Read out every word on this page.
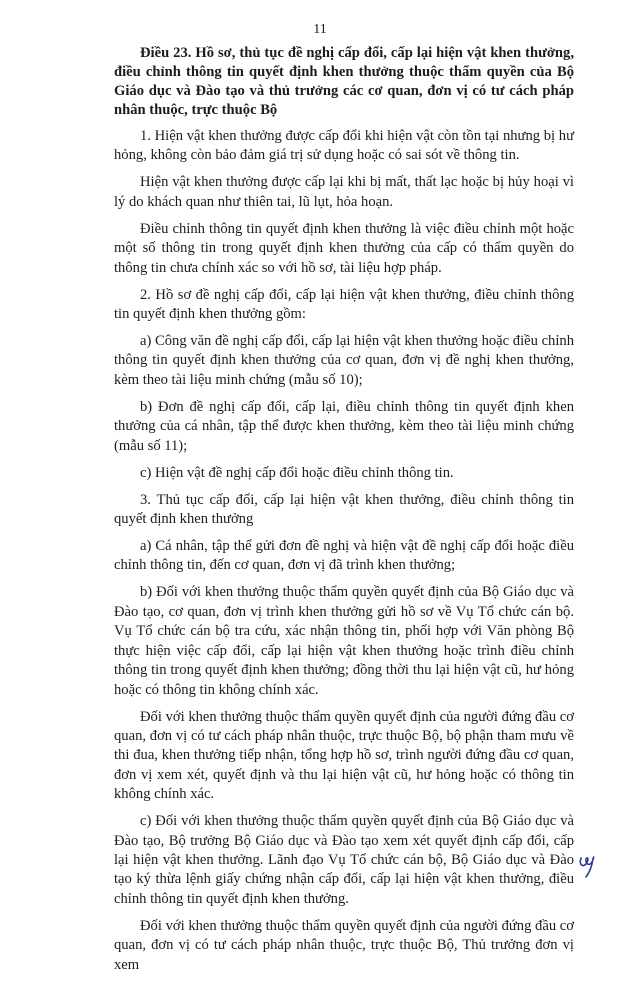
11

Điều 23. Hồ sơ, thủ tục đề nghị cấp đổi, cấp lại hiện vật khen thưởng, điều chỉnh thông tin quyết định khen thưởng thuộc thẩm quyền của Bộ Giáo dục và Đào tạo và thủ trưởng các cơ quan, đơn vị có tư cách pháp nhân thuộc, trực thuộc Bộ

1. Hiện vật khen thưởng được cấp đổi khi hiện vật còn tồn tại nhưng bị hư hỏng, không còn bảo đảm giá trị sử dụng hoặc có sai sót về thông tin.

Hiện vật khen thưởng được cấp lại khi bị mất, thất lạc hoặc bị hủy hoại vì lý do khách quan như thiên tai, lũ lụt, hỏa hoạn.

Điều chỉnh thông tin quyết định khen thưởng là việc điều chỉnh một hoặc một số thông tin trong quyết định khen thưởng của cấp có thẩm quyền do thông tin chưa chính xác so với hồ sơ, tài liệu hợp pháp.

2. Hồ sơ đề nghị cấp đổi, cấp lại hiện vật khen thưởng, điều chỉnh thông tin quyết định khen thưởng gồm:

a) Công văn đề nghị cấp đổi, cấp lại hiện vật khen thưởng hoặc điều chỉnh thông tin quyết định khen thưởng của cơ quan, đơn vị đề nghị khen thưởng, kèm theo tài liệu minh chứng (mẫu số 10);

b) Đơn đề nghị cấp đổi, cấp lại, điều chỉnh thông tin quyết định khen thưởng của cá nhân, tập thể được khen thưởng, kèm theo tài liệu minh chứng (mẫu số 11);

c) Hiện vật đề nghị cấp đổi hoặc điều chỉnh thông tin.

3. Thủ tục cấp đổi, cấp lại hiện vật khen thưởng, điều chỉnh thông tin quyết định khen thưởng

a) Cá nhân, tập thể gửi đơn đề nghị và hiện vật đề nghị cấp đổi hoặc điều chỉnh thông tin, đến cơ quan, đơn vị đã trình khen thưởng;

b) Đối với khen thưởng thuộc thẩm quyền quyết định của Bộ Giáo dục và Đào tạo, cơ quan, đơn vị trình khen thưởng gửi hồ sơ về Vụ Tổ chức cán bộ. Vụ Tổ chức cán bộ tra cứu, xác nhận thông tin, phối hợp với Văn phòng Bộ thực hiện việc cấp đổi, cấp lại hiện vật khen thưởng hoặc trình điều chỉnh thông tin trong quyết định khen thưởng; đồng thời thu lại hiện vật cũ, hư hỏng hoặc có thông tin không chính xác.

Đối với khen thưởng thuộc thẩm quyền quyết định của người đứng đầu cơ quan, đơn vị có tư cách pháp nhân thuộc, trực thuộc Bộ, bộ phận tham mưu về thi đua, khen thưởng tiếp nhận, tổng hợp hồ sơ, trình người đứng đầu cơ quan, đơn vị xem xét, quyết định và thu lại hiện vật cũ, hư hỏng hoặc có thông tin không chính xác.

c) Đối với khen thưởng thuộc thẩm quyền quyết định của Bộ Giáo dục và Đào tạo, Bộ trưởng Bộ Giáo dục và Đào tạo xem xét quyết định cấp đổi, cấp lại hiện vật khen thưởng. Lãnh đạo Vụ Tổ chức cán bộ, Bộ Giáo dục và Đào tạo ký thừa lệnh giấy chứng nhận cấp đổi, cấp lại hiện vật khen thưởng, điều chỉnh thông tin quyết định khen thưởng.

Đối với khen thưởng thuộc thẩm quyền quyết định của người đứng đầu cơ quan, đơn vị có tư cách pháp nhân thuộc, trực thuộc Bộ, Thủ trưởng đơn vị xem
